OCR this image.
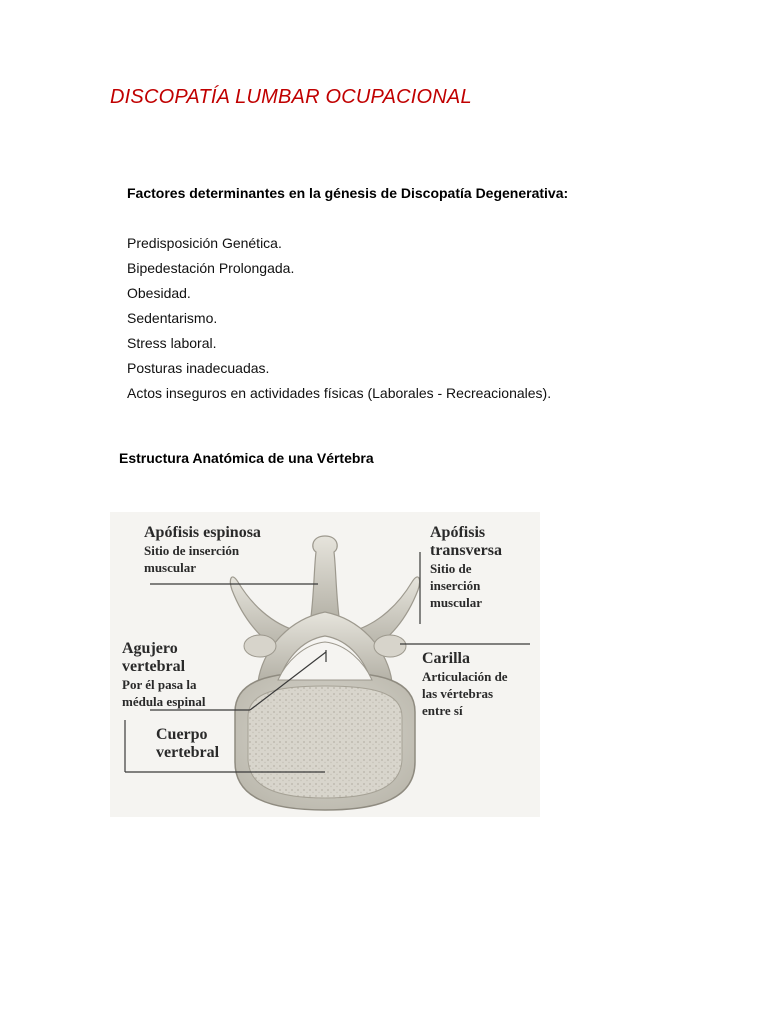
DISCOPATÍA LUMBAR OCUPACIONAL
Factores determinantes en la génesis de Discopatía Degenerativa:
Predisposición Genética.
Bipedestación Prolongada.
Obesidad.
Sedentarismo.
Stress laboral.
Posturas inadecuadas.
Actos inseguros en actividades físicas (Laborales - Recreacionales).
Estructura Anatómica de una Vértebra
Apófisis espinosa
Sitio de inserción
muscular
Apófisis
transversa
Sitio de
inserción
muscular
Agujero
vertebral
Por él pasa la
médula espinal
Carilla
Articulación de
las vértebras
entre sí
Cuerpo
vertebral
